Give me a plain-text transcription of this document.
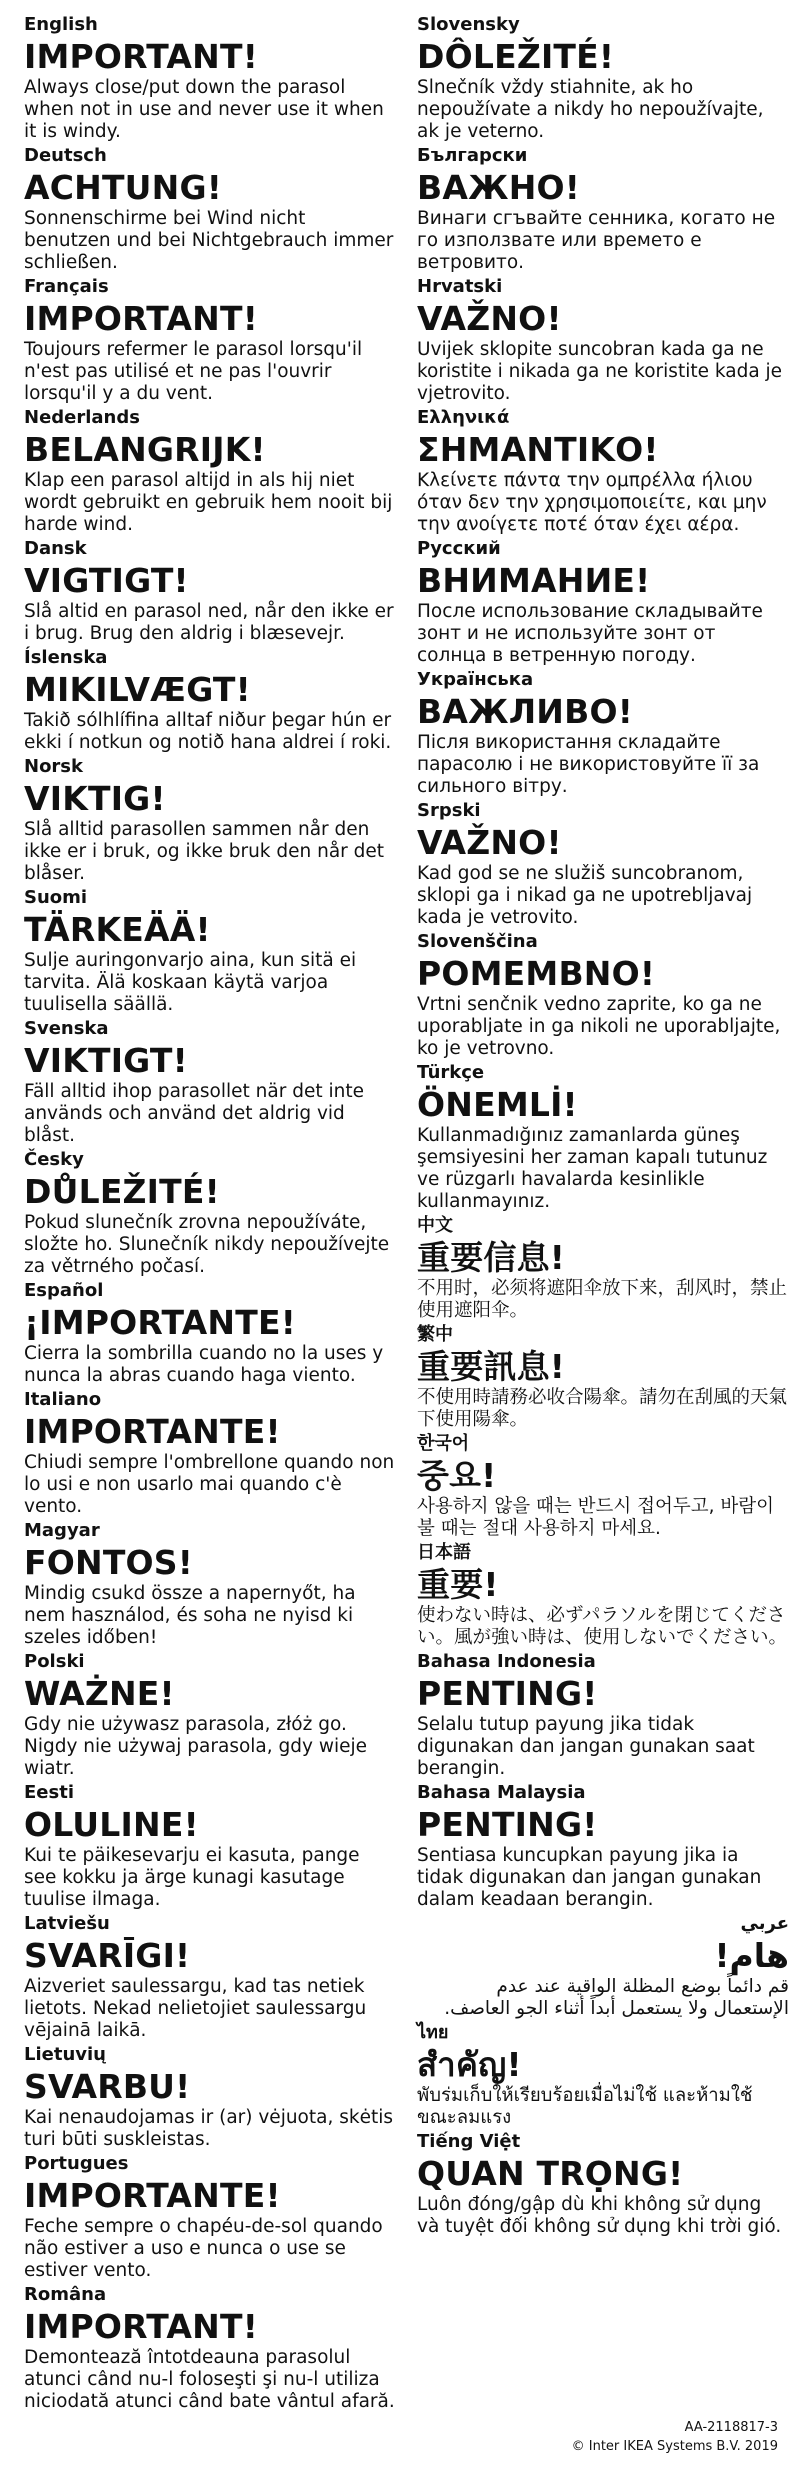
English
IMPORTANT!
Always close/put down the parasol when not in use and never use it when it is windy.
Deutsch
ACHTUNG!
Sonnenschirme bei Wind nicht benutzen und bei Nichtgebrauch immer schließen.
Français
IMPORTANT!
Toujours refermer le parasol lorsqu'il n'est pas utilisé et ne pas l'ouvrir lorsqu'il y a du vent.
Nederlands
BELANGRIJK!
Klap een parasol altijd in als hij niet wordt gebruikt en gebruik hem nooit bij harde wind.
Dansk
VIGTIGT!
Slå altid en parasol ned, når den ikke er i brug. Brug den aldrig i blæsevejr.
Íslenska
MIKILVÆGT!
Takið sólhlífina alltaf niður þegar hún er ekki í notkun og notið hana aldrei í roki.
Norsk
VIKTIG!
Slå alltid parasollen sammen når den ikke er i bruk, og ikke bruk den når det blåser.
Suomi
TÄRKEÄÄ!
Sulje auringonvarjo aina, kun sitä ei tarvita. Älä koskaan käytä varjoa tuulisella säällä.
Svenska
VIKTIGT!
Fäll alltid ihop parasollet när det inte används och använd det aldrig vid blåst.
Česky
DŮLEŽITÉ!
Pokud slunečník zrovna nepoužíváte, složte ho. Slunečník nikdy nepoužívejte za větrného počasí.
Español
¡IMPORTANTE!
Cierra la sombrilla cuando no la uses y nunca la abras cuando haga viento.
Italiano
IMPORTANTE!
Chiudi sempre l'ombrellone quando non lo usi e non usarlo mai quando c'è vento.
Magyar
FONTOS!
Mindig csukd össze a napernyőt, ha nem használod, és soha ne nyisd ki szeles időben!
Polski
WAŻNE!
Gdy nie używasz parasola, złóż go. Nigdy nie używaj parasola, gdy wieje wiatr.
Eesti
OLULINE!
Kui te päikesevarju ei kasuta, pange see kokku ja ärge kunagi kasutage tuulise ilmaga.
Latviešu
SVARĪGI!
Aizveriet saulessargu, kad tas netiek lietots. Nekad nelietojiet saulessargu vējainā laikā.
Lietuvių
SVARBU!
Kai nenaudojamas ir (ar) vėjuota, skėtis turi būti suskleistas.
Portugues
IMPORTANTE!
Feche sempre o chapéu-de-sol quando não estiver a uso e nunca o use se estiver vento.
Româna
IMPORTANT!
Demontează întotdeauna parasolul atunci când nu-l foloseşti şi nu-l utiliza niciodată atunci când bate vântul afară.
Slovensky
DÔLEŽITÉ!
Slnečník vždy stiahnite, ak ho nepoužívate a nikdy ho nepoužívajte, ak je veterno.
Български
ВАЖНО!
Винаги сгъвайте сенника, когато не го използвате или времето е ветровито.
Hrvatski
VAŽNO!
Uvijek sklopite suncobran kada ga ne koristite i nikada ga ne koristite kada je vjetrovito.
Ελληνικά
ΣΗΜΑΝΤΙΚΟ!
Κλείνετε πάντα την ομπρέλλα ήλιου όταν δεν την χρησιμοποιείτε, και μην την ανοίγετε ποτέ όταν έχει αέρα.
Русский
ВНИМАНИЕ!
После использование складывайте зонт и не используйте зонт от солнца в ветренную погоду.
Українська
ВАЖЛИВО!
Після використання складайте парасолю і не використовуйте її за сильного вітру.
Srpski
VAŽNO!
Kad god se ne služiš suncobranom, sklopi ga i nikad ga ne upotrebljavaj kada je vetrovito.
Slovenščina
POMEMBNO!
Vrtni senčnik vedno zaprite, ko ga ne uporabljate in ga nikoli ne uporabljajte, ko je vetrovno.
Türkçe
ÖNEMLİ!
Kullanmadığınız zamanlarda güneş şemsiyesini her zaman kapalı tutunuz ve rüzgarlı havalarda kesinlikle kullanmayınız.
中文
重要信息!
不用时，必须将遮阳伞放下来，刮风时，禁止使用遮阳伞。
繁中
重要訊息!
不使用時請務必收合陽傘。請勿在刮風的天氣下使用陽傘。
한국어
중요!
사용하지 않을 때는 반드시 접어두고, 바람이 불 때는 절대 사용하지 마세요.
日本語
重要!
使わない時は、必ずパラソルを閉じてください。風が強い時は、使用しないでください。
Bahasa Indonesia
PENTING!
Selalu tutup payung jika tidak digunakan dan jangan gunakan saat berangin.
Bahasa Malaysia
PENTING!
Sentiasa kuncupkan payung jika ia tidak digunakan dan jangan gunakan dalam keadaan berangin.
عربي
هام!
قم دائماً بوضع المظلة الواقية عند عدم الإستعمال ولا يستعمل أبداً أثناء الجو العاصف.
ไทย
สำคัญ!
พับร่มเก็บให้เรียบร้อยเมื่อไม่ใช้ และห้ามใช้ขณะลมแรง
Tiếng Việt
QUAN TRỌNG!
Luôn đóng/gập dù khi không sử dụng và tuyệt đối không sử dụng khi trời gió.
AA-2118817-3
© Inter IKEA Systems B.V. 2019
